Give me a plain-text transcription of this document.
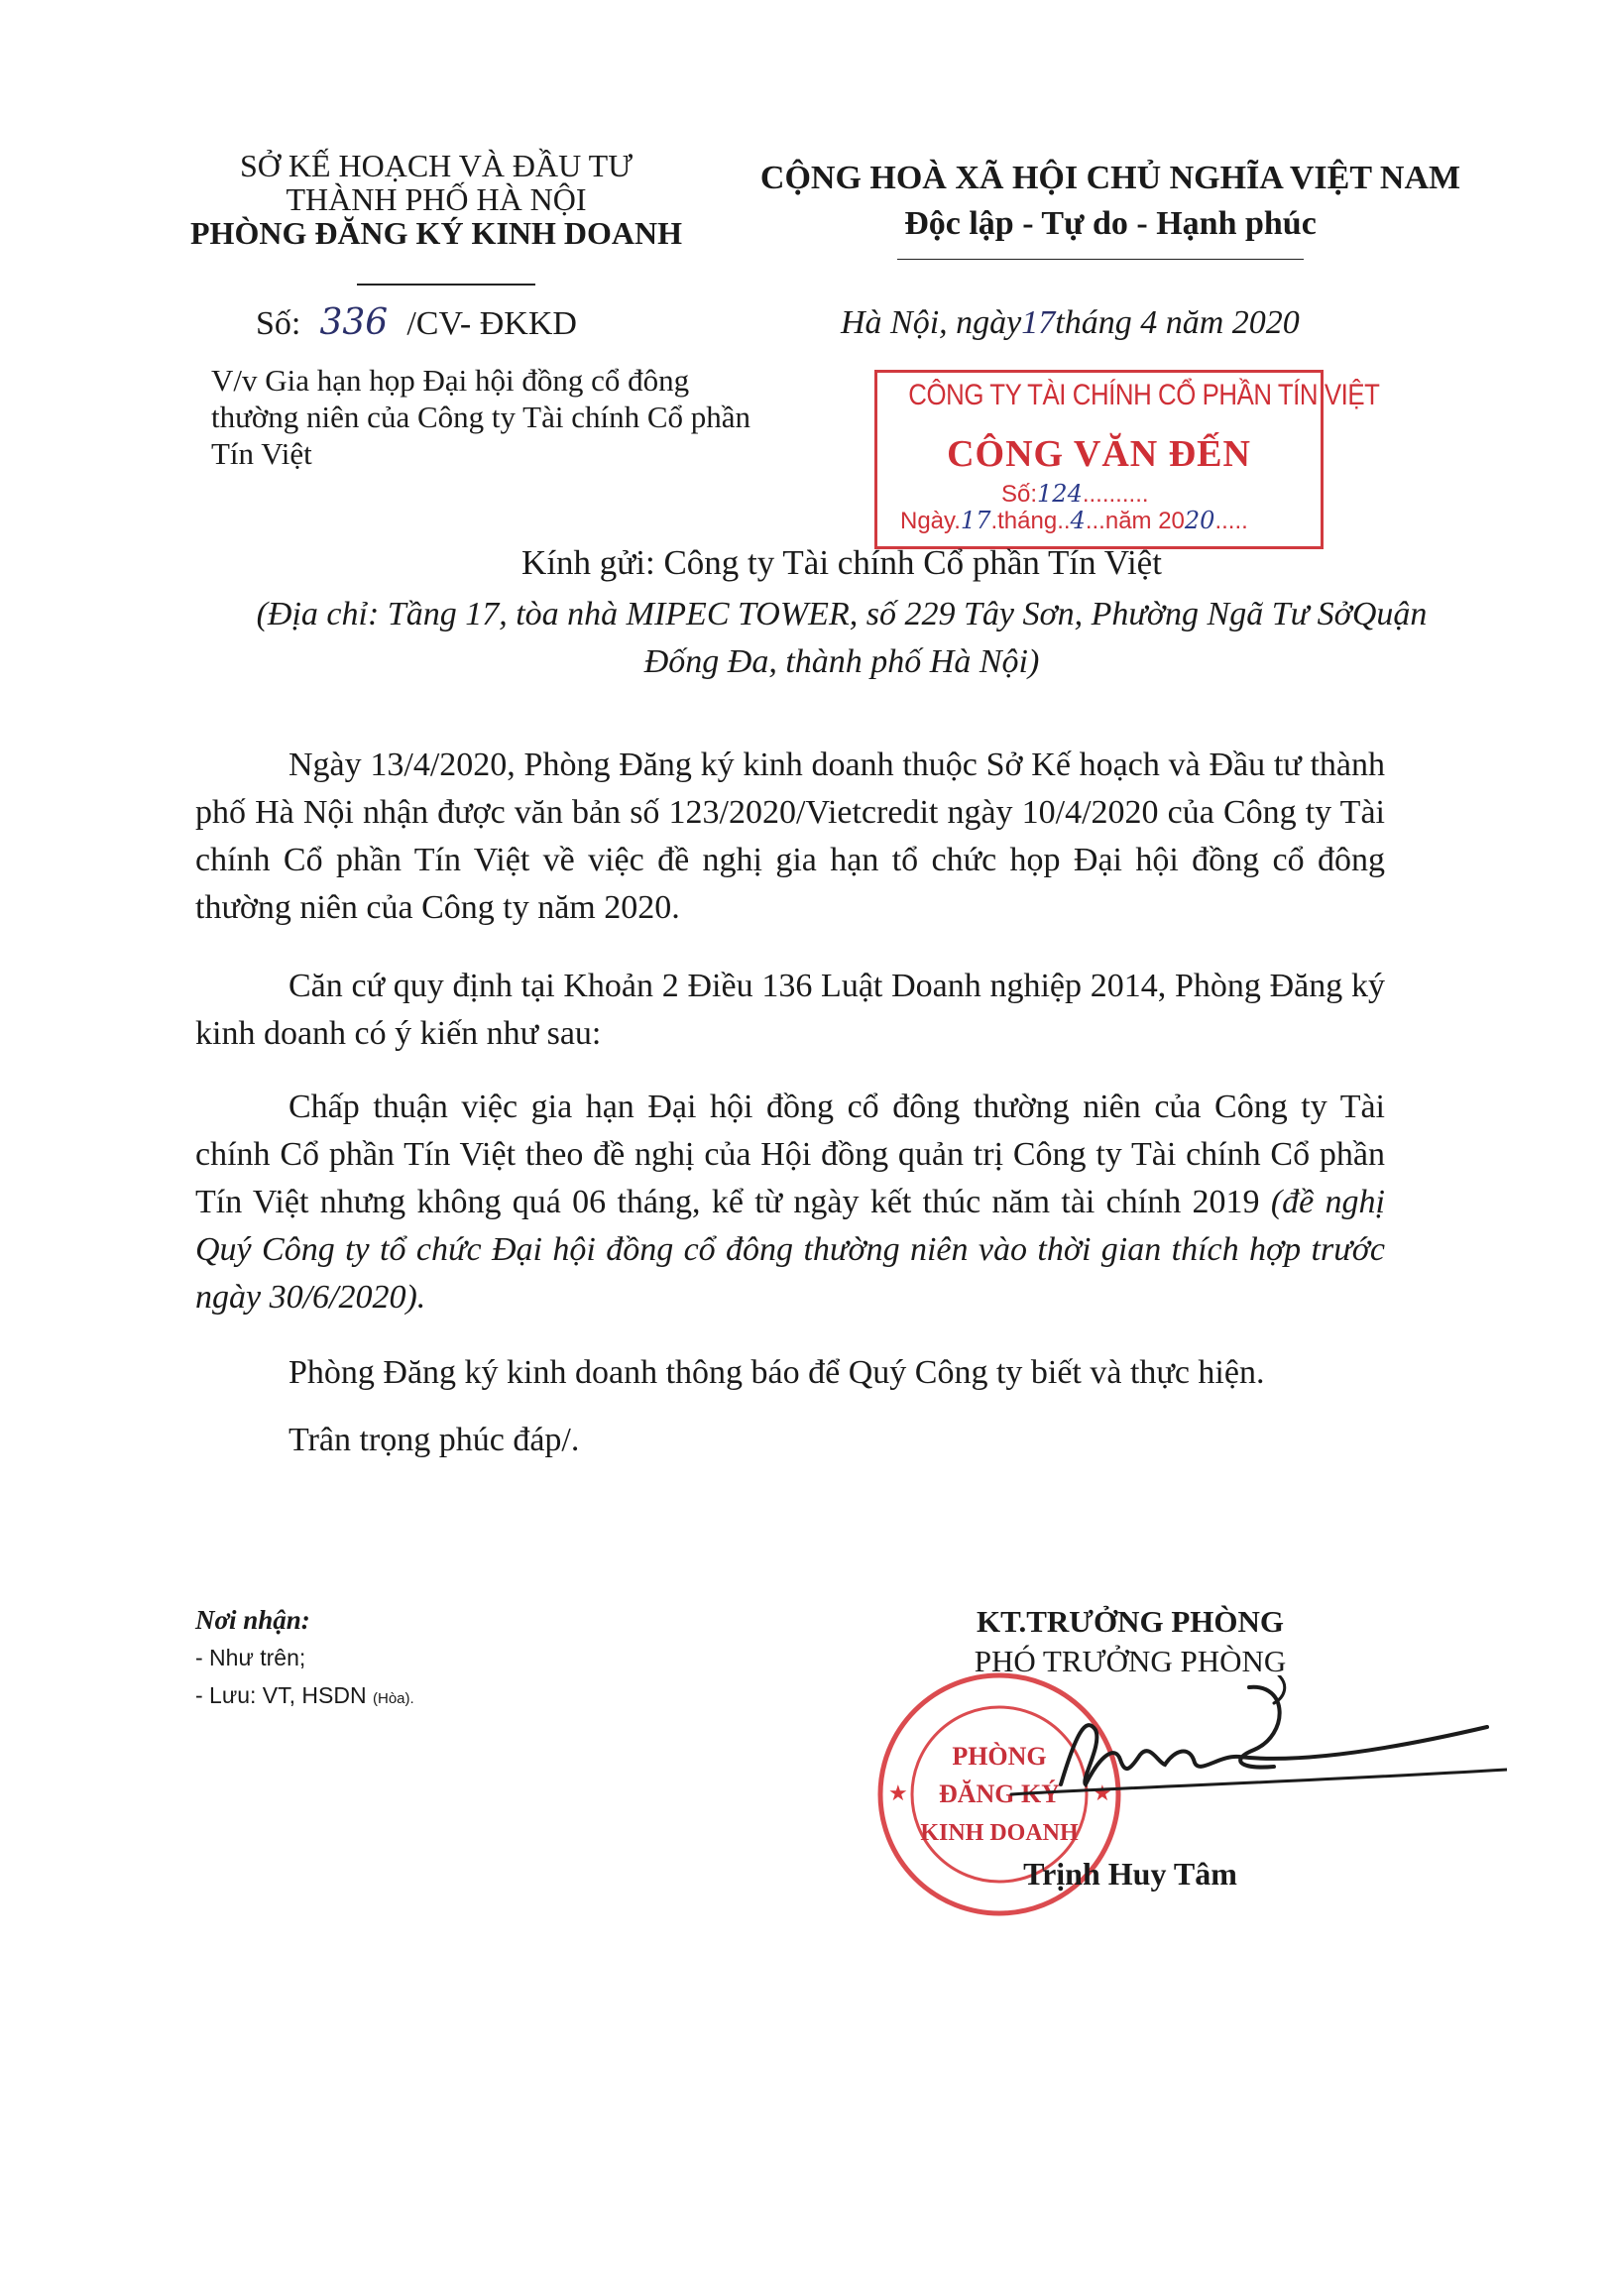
SỞ KẾ HOẠCH VÀ ĐẦU TƯ
THÀNH PHỐ HÀ NỘI
PHÒNG ĐĂNG KÝ KINH DOANH
CỘNG HOÀ XÃ HỘI CHỦ NGHĨA VIỆT NAM
Độc lập - Tự do - Hạnh phúc
Số: 336 /CV- ĐKKD	Hà Nội, ngày17tháng 4 năm 2020
V/v Gia hạn họp Đại hội đồng cổ đông thường niên của Công ty Tài chính Cổ phần Tín Việt
CÔNG TY TÀI CHÍNH CỔ PHẦN TÍN VIỆT
CÔNG VĂN ĐẾN
Số:124..........
Ngày.17.tháng..4...năm 2020.....
Kính gửi: Công ty Tài chính Cổ phần Tín Việt
(Địa chỉ: Tầng 17, tòa nhà MIPEC TOWER, số 229 Tây Sơn, Phường Ngã Tư SởQuận Đống Đa, thành phố Hà Nội)

Ngày 13/4/2020, Phòng Đăng ký kinh doanh thuộc Sở Kế hoạch và Đầu tư thành phố Hà Nội nhận được văn bản số 123/2020/Vietcredit ngày 10/4/2020 của Công ty Tài chính Cổ phần Tín Việt về việc đề nghị gia hạn tổ chức họp Đại hội đồng cổ đông thường niên của Công ty năm 2020.

Căn cứ quy định tại Khoản 2 Điều 136 Luật Doanh nghiệp 2014, Phòng Đăng ký kinh doanh có ý kiến như sau:

Chấp thuận việc gia hạn Đại hội đồng cổ đông thường niên của Công ty Tài chính Cổ phần Tín Việt theo đề nghị của Hội đồng quản trị Công ty Tài chính Cổ phần Tín Việt nhưng không quá 06 tháng, kể từ ngày kết thúc năm tài chính 2019 (đề nghị Quý Công ty tổ chức Đại hội đồng cổ đông thường niên vào thời gian thích hợp trước ngày 30/6/2020).

Phòng Đăng ký kinh doanh thông báo để Quý Công ty biết và thực hiện.

Trân trọng phúc đáp/.

Nơi nhận:
- Như trên;
- Lưu: VT, HSDN (Hòa).
KT.TRƯỞNG PHÒNG
PHÓ TRƯỞNG PHÒNG
★	★
PHÒNG
ĐĂNG KÝ
KINH DOANH
Trịnh Huy Tâm
